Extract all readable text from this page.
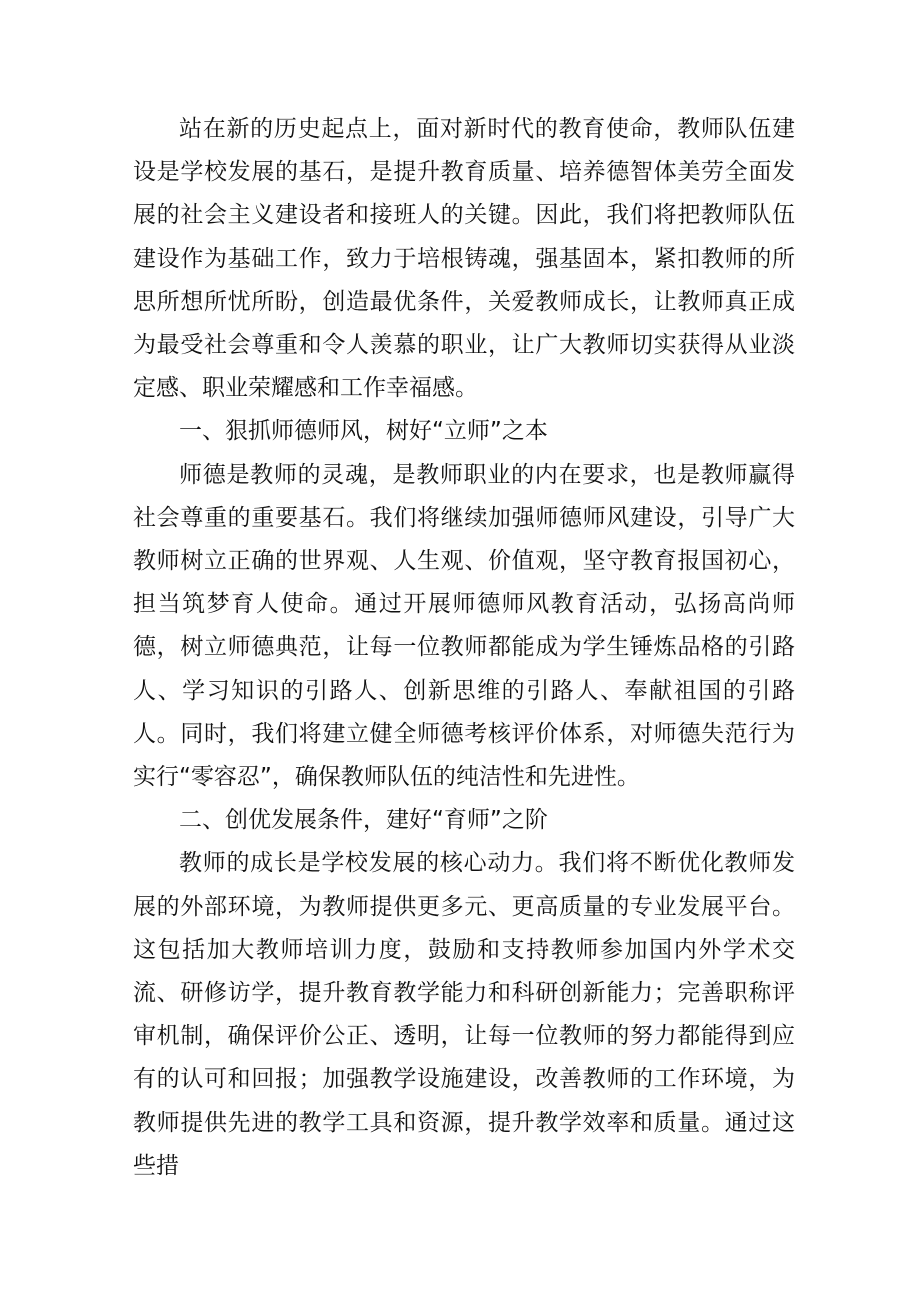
站在新的历史起点上，面对新时代的教育使命，教师队伍建设是学校发展的基石，是提升教育质量、培养德智体美劳全面发展的社会主义建设者和接班人的关键。因此，我们将把教师队伍建设作为基础工作，致力于培根铸魂，强基固本，紧扣教师的所思所想所忧所盼，创造最优条件，关爱教师成长，让教师真正成为最受社会尊重和令人羡慕的职业，让广大教师切实获得从业淡定感、职业荣耀感和工作幸福感。

一、狠抓师德师风，树好“立师”之本

师德是教师的灵魂，是教师职业的内在要求，也是教师赢得社会尊重的重要基石。我们将继续加强师德师风建设，引导广大教师树立正确的世界观、人生观、价值观，坚守教育报国初心，担当筑梦育人使命。通过开展师德师风教育活动，弘扬高尚师德，树立师德典范，让每一位教师都能成为学生锤炼品格的引路人、学习知识的引路人、创新思维的引路人、奉献祖国的引路人。同时，我们将建立健全师德考核评价体系，对师德失范行为实行“零容忍”，确保教师队伍的纯洁性和先进性。

二、创优发展条件，建好“育师”之阶

教师的成长是学校发展的核心动力。我们将不断优化教师发展的外部环境，为教师提供更多元、更高质量的专业发展平台。这包括加大教师培训力度，鼓励和支持教师参加国内外学术交流、研修访学，提升教育教学能力和科研创新能力；完善职称评审机制，确保评价公正、透明，让每一位教师的努力都能得到应有的认可和回报；加强教学设施建设，改善教师的工作环境，为教师提供先进的教学工具和资源，提升教学效率和质量。通过这些措
